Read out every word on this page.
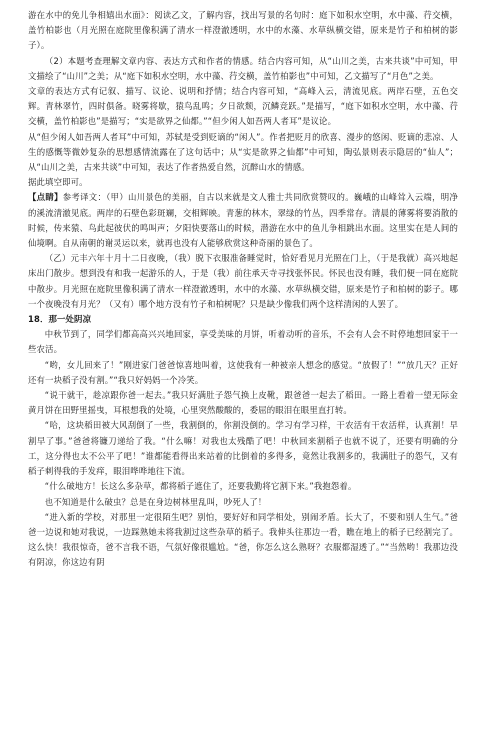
游在水中的免儿争相嬉出水面》：阅读乙文，了解内容，找出写景的名句时：庭下如积水空明，水中藻、荇交横，盖竹柏影也（月光照在庭院里像积满了清水一样澄澈透明，水中的水藻、水草纵横交错，原来是竹子和柏树的影子）。

（2）本题考查理解文章内容、表达方式和作者的情感。结合内容可知，从“山川之美，古来共谈”中可知，甲文描绘了“山川”之美；从“庭下如积水空明，水中藻、荇交横，盖竹柏影也”中可知，乙文描写了“月色”之美。

文章的表达方式有记叙、描写、议论、说明和抒情；结合内容可知，“高峰入云，清流见底。两岸石壁，五色交辉。青林翠竹，四时俱备。晓雾将歇，猿鸟乱鸣；夕日欲颓，沉鳞竞跃。”是描写，“庭下如积水空明，水中藻、荇交横，盖竹柏影也”是描写；“实是欲界之仙都。”“但少闲人如吾两人者耳”是议论。

从“但少闲人如吾两人者耳”中可知，苏轼是受到贬谪的“闲人”。作者把贬月的欣喜、漫步的悠闲、贬谪的悲凉、人生的感慨等微妙复杂的思想感情流露在了这句话中；从“实是欲界之仙都”中可知，陶弘景则表示隐居的“仙人”；从“山川之美，古来共谈”中可知，表达了作者热爱自然，沉醉山水的情感。

据此填空即可。

【点睛】参考译文：（甲）山川景色的美丽，自古以来就是文人雅士共同欣赏赞叹的。巍峨的山峰耸入云端，明净的溪流清澈见底。两岸的石壁色彩斑斓，交相辉映。青葱的林木，翠绿的竹丛，四季常存。清晨的薄雾将要消散的时候，传来猿、鸟此起彼伏的鸣叫声；夕阳快要落山的时候，潜游在水中的鱼儿争相跳出水面。这里实在是人间的仙境啊。自从南朝的谢灵运以来，就再也没有人能够欣赏这种奇丽的景色了。

（乙）元丰六年十月十二日夜晚，（我）脱下衣服准备睡觉时，恰好看见月光照在门上，（于是我就）高兴地起床出门散步。想到没有和我一起游乐的人，于是（我）前往承天寺寻找张怀民。怀民也没有睡，我们便一同在庭院中散步。月光照在庭院里像积满了清水一样澄澈透明，水中的水藻、水草纵横交错，原来是竹子和柏树的影子。哪一个夜晚没有月光？（又有）哪个地方没有竹子和柏树呢？只是缺少像我们两个这样清闲的人罢了。

18．那一处阴凉

中秋节到了，同学们都高高兴兴地回家，享受美味的月饼，听着动听的音乐，不会有人会不时停地想回家干一些农活。

“哟，女儿回来了！”刚进家门爸爸惊喜地叫着，这使我有一种被亲人想念的感觉。“放假了！”“放几天？正好还有一块稻子没有割。”“我只好妈妈一个冷笑。

“说干就干，趁凉跟你爸一起去。”我只好满肚子怨气换上皮靴，跟爸爸一起去了稻田。一路上看着一望无际金黄月饼在田野里摇曳，耳根想我的处境，心里突然酸酸的，委屈的眼泪在眼里直打转。

“哈，这块稻田被大风刮倒了一些，我割倒的，你割没倒的。学习有学习样，干农活有干农活样，认真割！早割早了事。”爸爸将镰刀递给了我。“什么嘛！对我也太残酷了吧！中秋回来割稻子也就不说了，还要有明确的分工，这分得也太不公平了吧！”谁都能看得出来站着的比倒着的多得多，竟然让我割多的，我满肚子的怨气，又有稻子刺得我的手发痒，眼泪哗哗地往下流。

“什么破地方！长这么多杂草，都将稻子遮住了，还要我勤将它割下来。”我抱怨着。

也不知道是什么破虫？总是在身边树林里乱叫，吵死人了！

“进入新的学校，对那里一定很陌生吧？别怕，要好好和同学相处，别闹矛盾。长大了，不要和别人生气。”爸爸一边说和她对我说，一边踩熟她未将我割过这些杂草的稻子。我伸头往那边一看，瞧在地上的稻子已经割完了。这么快！我很惊奇，爸不言我不语，气氛好像很尴尬。“爸，你怎么这么熟呀？衣服都湿透了。”“当然哟！我那边没有阴凉，你这边有阴
